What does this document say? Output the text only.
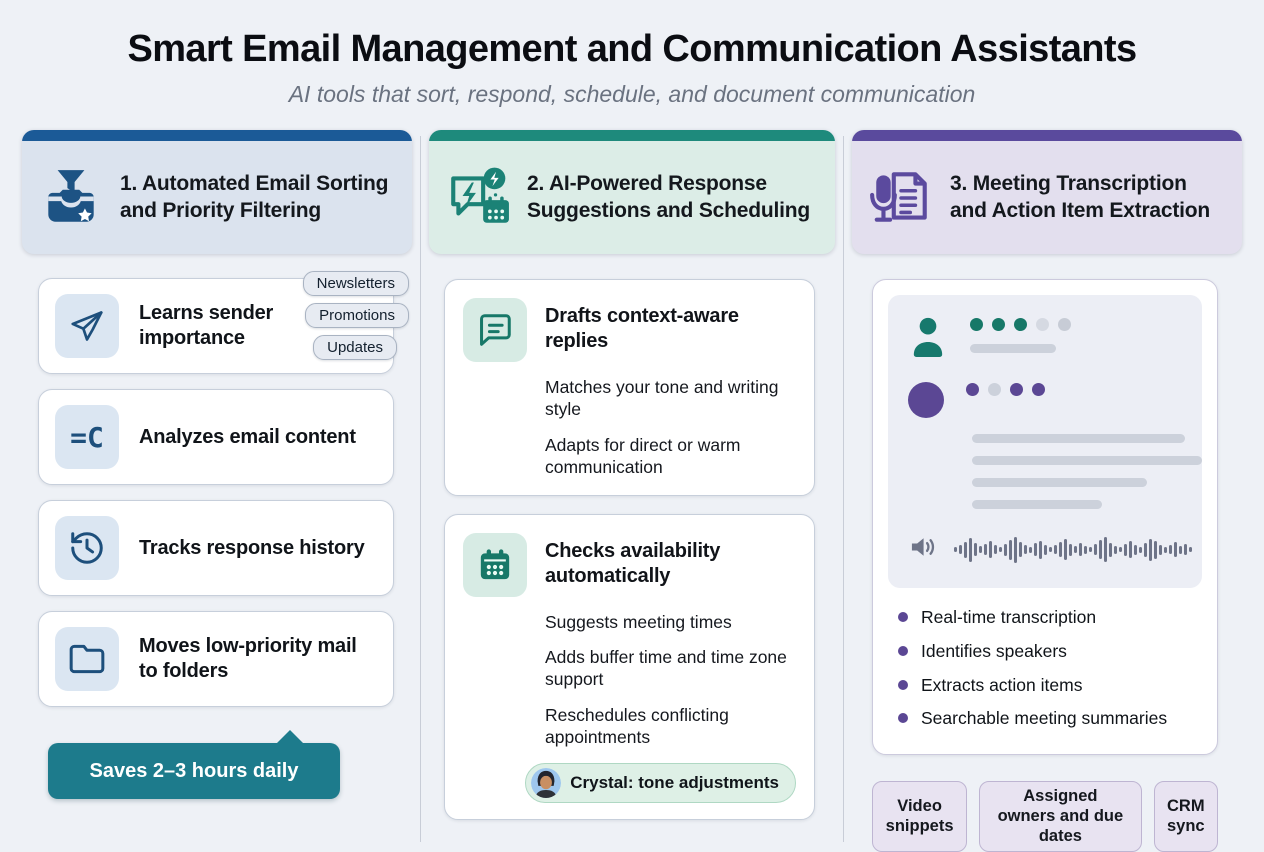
Smart Email Management and Communication Assistants
AI tools that sort, respond, schedule, and document communication
1. Automated Email Sorting and Priority Filtering
Learns sender importance
Newsletters
Promotions
Updates
=C Analyzes email content
Tracks response history
Moves low-priority mail to folders
Saves 2–3 hours daily
2. AI-Powered Response Suggestions and Scheduling
Drafts context-aware replies
Matches your tone and writing style
Adapts for direct or warm communication
Checks availability automatically
Suggests meeting times
Adds buffer time and time zone support
Reschedules conflicting appointments
Crystal: tone adjustments
3. Meeting Transcription and Action Item Extraction
Real-time transcription
Identifies speakers
Extracts action items
Searchable meeting summaries
Video snippets
Assigned owners and due dates
CRM sync
